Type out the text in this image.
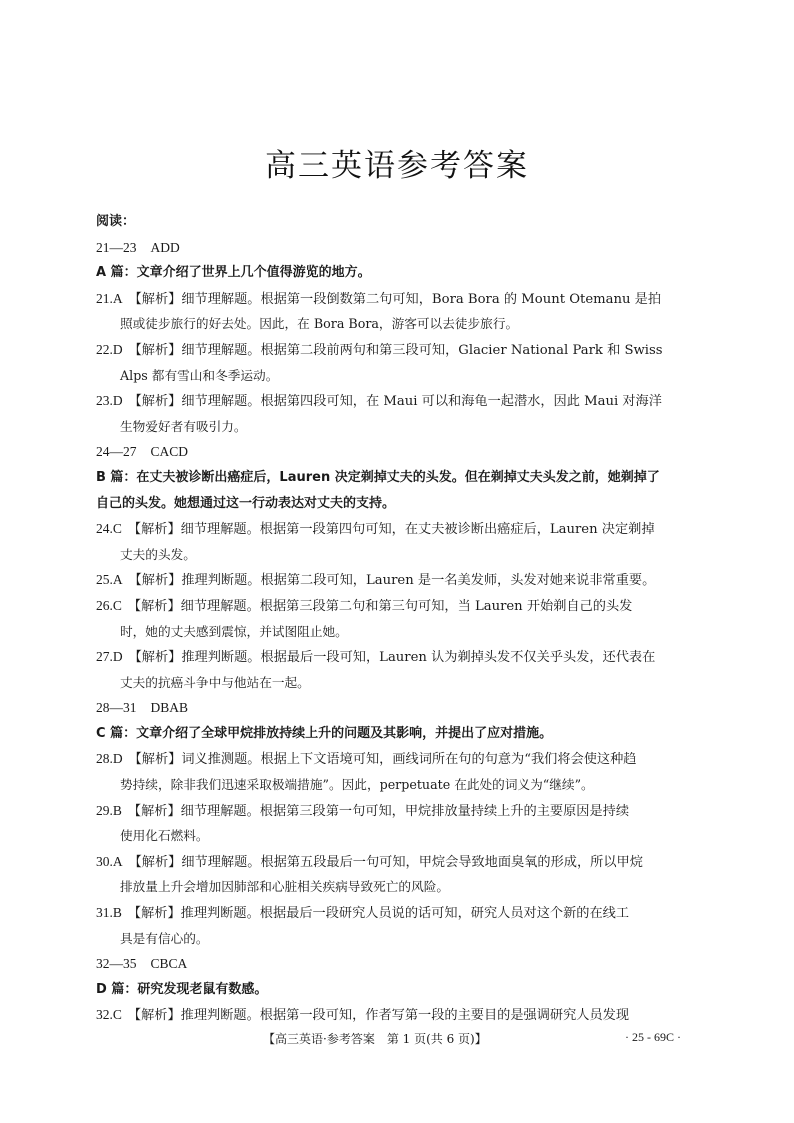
高三英语参考答案
阅读：
21—23 ADD
A 篇：文章介绍了世界上几个值得游览的地方。
21.A 【解析】细节理解题。根据第一段倒数第二句可知，Bora Bora 的 Mount Otemanu 是拍
照或徒步旅行的好去处。因此，在 Bora Bora，游客可以去徒步旅行。
22.D 【解析】细节理解题。根据第二段前两句和第三段可知，Glacier National Park 和 Swiss
Alps 都有雪山和冬季运动。
23.D 【解析】细节理解题。根据第四段可知，在 Maui 可以和海龟一起潜水，因此 Maui 对海洋
生物爱好者有吸引力。
24—27 CACD
B 篇：在丈夫被诊断出癌症后，Lauren 决定剃掉丈夫的头发。但在剃掉丈夫头发之前，她剃掉了
自己的头发。她想通过这一行动表达对丈夫的支持。
24.C 【解析】细节理解题。根据第一段第四句可知，在丈夫被诊断出癌症后，Lauren 决定剃掉
丈夫的头发。
25.A 【解析】推理判断题。根据第二段可知，Lauren 是一名美发师，头发对她来说非常重要。
26.C 【解析】细节理解题。根据第三段第二句和第三句可知，当 Lauren 开始剃自己的头发
时，她的丈夫感到震惊，并试图阻止她。
27.D 【解析】推理判断题。根据最后一段可知，Lauren 认为剃掉头发不仅关乎头发，还代表在
丈夫的抗癌斗争中与他站在一起。
28—31 DBAB
C 篇：文章介绍了全球甲烷排放持续上升的问题及其影响，并提出了应对措施。
28.D 【解析】词义推测题。根据上下文语境可知，画线词所在句的句意为“我们将会使这种趋
势持续，除非我们迅速采取极端措施”。因此，perpetuate 在此处的词义为“继续”。
29.B 【解析】细节理解题。根据第三段第一句可知，甲烷排放量持续上升的主要原因是持续
使用化石燃料。
30.A 【解析】细节理解题。根据第五段最后一句可知，甲烷会导致地面臭氧的形成，所以甲烷
排放量上升会增加因肺部和心脏相关疾病导致死亡的风险。
31.B 【解析】推理判断题。根据最后一段研究人员说的话可知，研究人员对这个新的在线工
具是有信心的。
32—35 CBCA
D 篇：研究发现老鼠有数感。
32.C 【解析】推理判断题。根据第一段可知，作者写第一段的主要目的是强调研究人员发现
【高三英语·参考答案　第 1 页(共 6 页)】	· 25 - 69C ·
